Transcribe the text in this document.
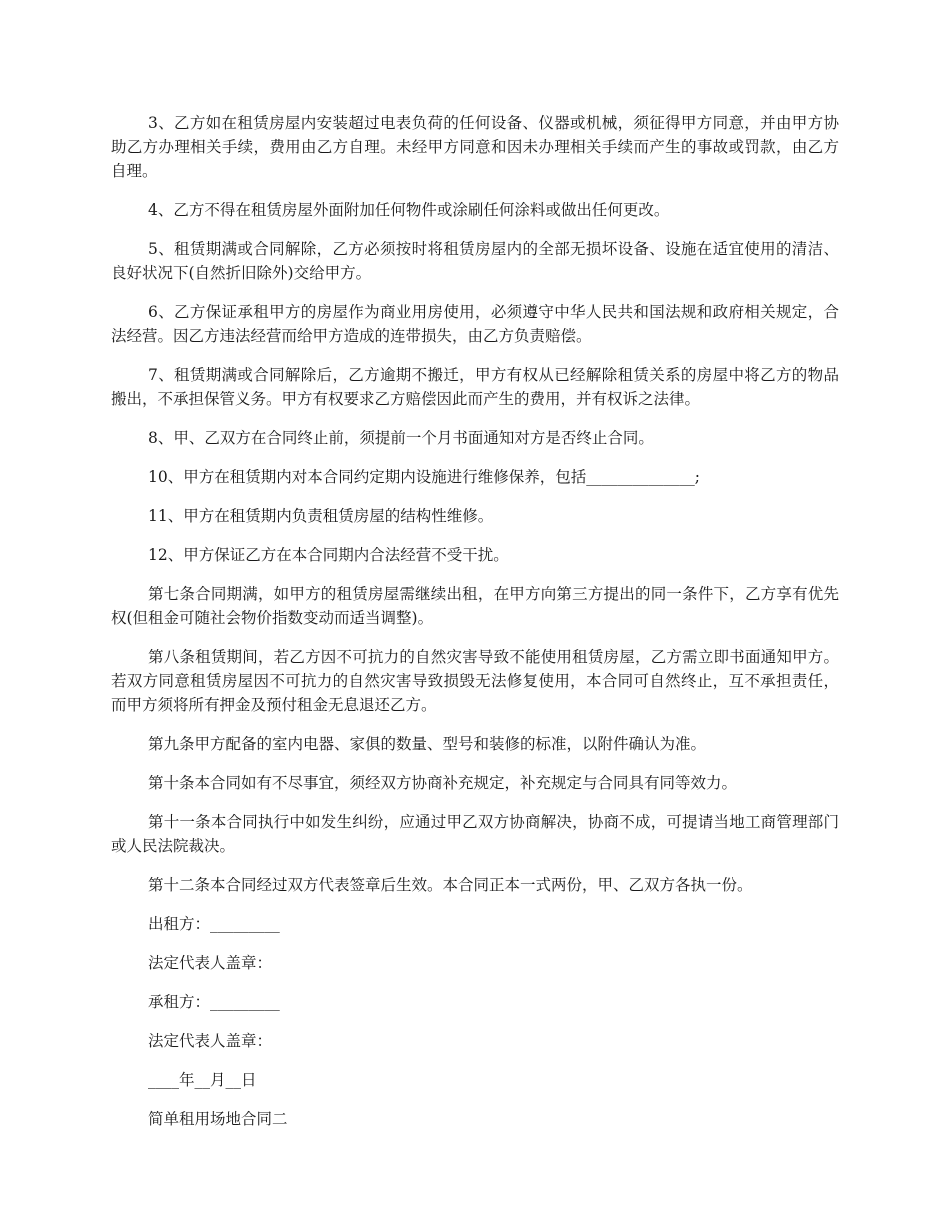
3、乙方如在租赁房屋内安装超过电表负荷的任何设备、仪器或机械，须征得甲方同意，并由甲方协助乙方办理相关手续，费用由乙方自理。未经甲方同意和因未办理相关手续而产生的事故或罚款，由乙方自理。

4、乙方不得在租赁房屋外面附加任何物件或涂刷任何涂料或做出任何更改。

5、租赁期满或合同解除，乙方必须按时将租赁房屋内的全部无损坏设备、设施在适宜使用的清洁、良好状况下(自然折旧除外)交给甲方。

6、乙方保证承租甲方的房屋作为商业用房使用，必须遵守中华人民共和国法规和政府相关规定，合法经营。因乙方违法经营而给甲方造成的连带损失，由乙方负责赔偿。

7、租赁期满或合同解除后，乙方逾期不搬迁，甲方有权从已经解除租赁关系的房屋中将乙方的物品搬出，不承担保管义务。甲方有权要求乙方赔偿因此而产生的费用，并有权诉之法律。

8、甲、乙双方在合同终止前，须提前一个月书面通知对方是否终止合同。

10、甲方在租赁期内对本合同约定期内设施进行维修保养，包括______________;

11、甲方在租赁期内负责租赁房屋的结构性维修。

12、甲方保证乙方在本合同期内合法经营不受干扰。

第七条合同期满，如甲方的租赁房屋需继续出租，在甲方向第三方提出的同一条件下，乙方享有优先权(但租金可随社会物价指数变动而适当调整)。

第八条租赁期间，若乙方因不可抗力的自然灾害导致不能使用租赁房屋，乙方需立即书面通知甲方。若双方同意租赁房屋因不可抗力的自然灾害导致损毁无法修复使用，本合同可自然终止，互不承担责任，而甲方须将所有押金及预付租金无息退还乙方。

第九条甲方配备的室内电器、家俱的数量、型号和装修的标准，以附件确认为准。

第十条本合同如有不尽事宜，须经双方协商补充规定，补充规定与合同具有同等效力。

第十一条本合同执行中如发生纠纷，应通过甲乙双方协商解决，协商不成，可提请当地工商管理部门或人民法院裁决。

第十二条本合同经过双方代表签章后生效。本合同正本一式两份，甲、乙双方各执一份。

出租方：_________

法定代表人盖章：

承租方：_________

法定代表人盖章：

____年__月__日

简单租用场地合同二
